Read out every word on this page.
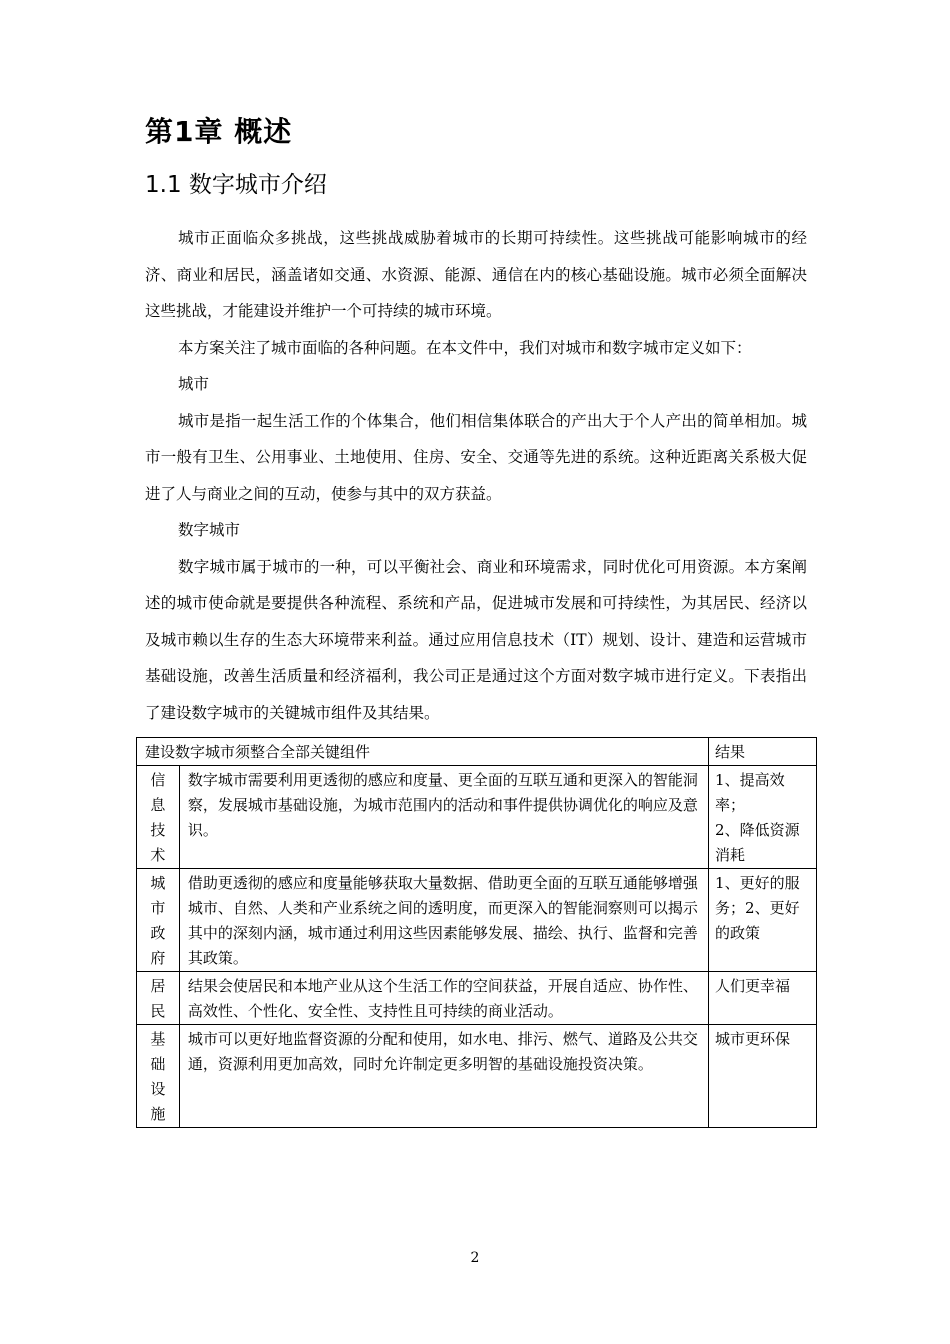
第1章 概述
1.1 数字城市介绍

城市正面临众多挑战，这些挑战威胁着城市的长期可持续性。这些挑战可能影响城市的经济、商业和居民，涵盖诸如交通、水资源、能源、通信在内的核心基础设施。城市必须全面解决这些挑战，才能建设并维护一个可持续的城市环境。

本方案关注了城市面临的各种问题。在本文件中，我们对城市和数字城市定义如下：

城市

城市是指一起生活工作的个体集合，他们相信集体联合的产出大于个人产出的简单相加。城市一般有卫生、公用事业、土地使用、住房、安全、交通等先进的系统。这种近距离关系极大促进了人与商业之间的互动，使参与其中的双方获益。

数字城市

数字城市属于城市的一种，可以平衡社会、商业和环境需求，同时优化可用资源。本方案阐述的城市使命就是要提供各种流程、系统和产品，促进城市发展和可持续性，为其居民、经济以及城市赖以生存的生态大环境带来利益。通过应用信息技术（IT）规划、设计、建造和运营城市基础设施，改善生活质量和经济福利，我公司正是通过这个方面对数字城市进行定义。下表指出了建设数字城市的关键城市组件及其结果。

建设数字城市须整合全部关键组件		结果
信息技术	数字城市需要利用更透彻的感应和度量、更全面的互联互通和更深入的智能洞察，发展城市基础设施，为城市范围内的活动和事件提供协调优化的响应及意识。	1、提高效率；
2、降低资源消耗

城市政府	借助更透彻的感应和度量能够获取大量数据、借助更全面的互联互通能够增强城市、自然、人类和产业系统之间的透明度，而更深入的智能洞察则可以揭示其中的深刻内涵，城市通过利用这些因素能够发展、描绘、执行、监督和完善其政策。	1、更好的服务；2、更好的政策

居民	结果会使居民和本地产业从这个生活工作的空间获益，开展自适应、协作性、高效性、个性化、安全性、支持性且可持续的商业活动。	人们更幸福

基础设施	城市可以更好地监督资源的分配和使用，如水电、排污、燃气、道路及公共交通，资源利用更加高效，同时允许制定更多明智的基础设施投资决策。	城市更环保
2
